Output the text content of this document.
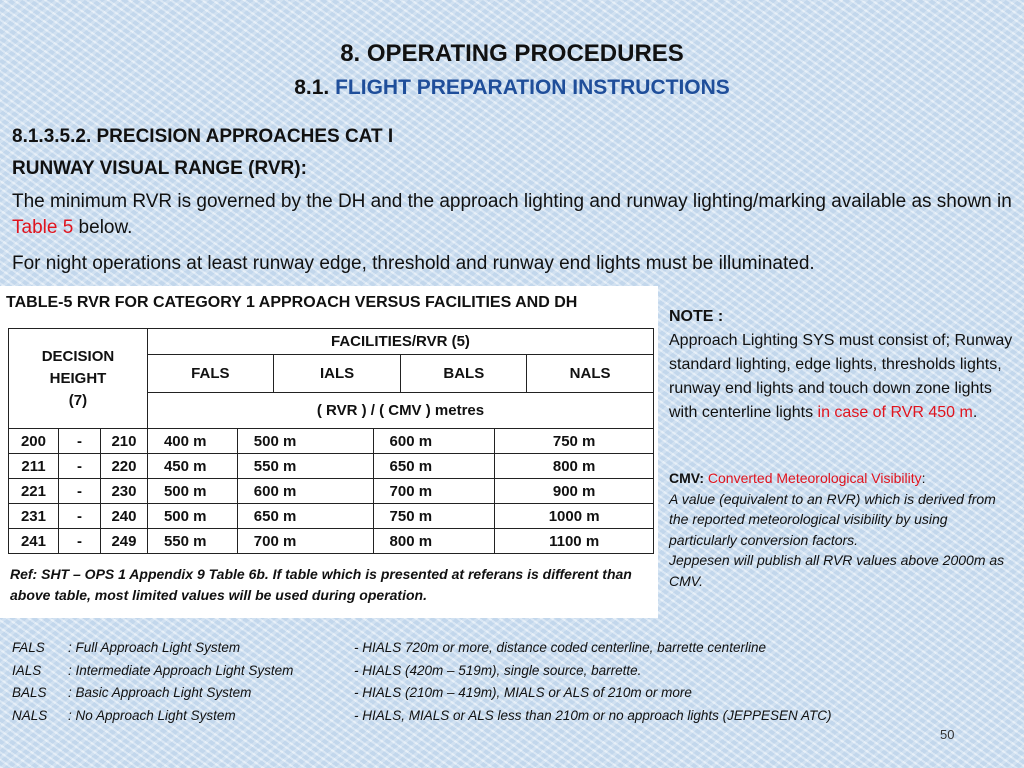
8. OPERATING PROCEDURES
8.1. FLIGHT PREPARATION INSTRUCTIONS
8.1.3.5.2. PRECISION APPROACHES CAT I
RUNWAY VISUAL RANGE (RVR):
The minimum RVR is governed by the DH and the approach lighting and runway lighting/marking available as shown in Table 5 below.
For night operations at least runway edge, threshold and runway end lights must be illuminated.
TABLE-5 RVR FOR CATEGORY 1 APPROACH VERSUS FACILITIES AND DH
DECISION HEIGHT (7)			FACILITIES/RVR (5)						
			FALS		IALS		BALS		NALS
			( RVR ) / ( CMV ) metres						
200	-	210	400 m	500 m		600 m		750 m	
211	-	220	450 m	550 m		650 m		800 m	
221	-	230	500 m	600 m		700 m		900 m	
231	-	240	500 m	650 m		750 m		1000 m	
241	-	249	550 m	700 m		800 m		1100 m	
Ref: SHT – OPS 1 Appendix 9 Table 6b. If table which is presented at referans is different than above table, most limited values will be used during operation.
NOTE :
Approach Lighting SYS must consist of; Runway standard lighting, edge lights, thresholds lights, runway end lights and touch down zone lights with centerline lights in case of RVR 450 m.
CMV: Converted Meteorological Visibility:
A value (equivalent to an RVR) which is derived from the reported meteorological visibility by using particularly conversion factors.
Jeppesen will publish all RVR values above 2000m as CMV.
FALS : Full Approach Light System	- HIALS 720m or more, distance coded centerline, barrette centerline
IALS : Intermediate Approach Light System	- HIALS (420m – 519m), single source, barrette.
BALS : Basic Approach Light System	- HIALS (210m – 419m), MIALS or ALS of 210m or more
NALS : No Approach Light System	- HIALS, MIALS or ALS less than 210m or no approach lights (JEPPESEN ATC)
50
